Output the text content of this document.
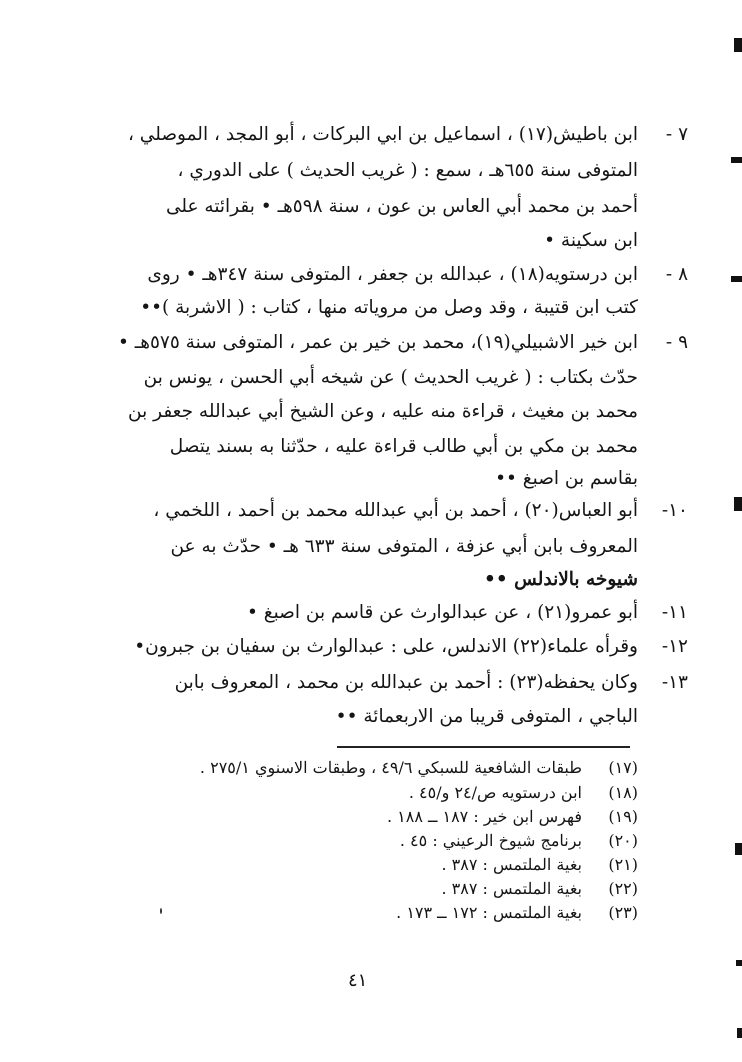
٧ -
ابن باطيش(١٧) ، اسماعيل بن ابي البركات ، أبو المجد ، الموصلي ،
المتوفى سنة ٦٥٥هـ ، سمع : ( غريب الحديث ) على الدوري ،
أحمد بن محمد أبي العاس بن عون ، سنة ٥٩٨هـ • بقرائته على
ابن سكينة •
٨ -
ابن درستويه(١٨) ، عبدالله بن جعفر ، المتوفى سنة ٣٤٧هـ • روى
كتب ابن قتيبة ، وقد وصل من مروياته منها ، كتاب : ( الاشربة )••
٩ -
ابن خير الاشبيلي(١٩)، محمد بن خير بن عمر ، المتوفى سنة ٥٧٥هـ •
حدّث بكتاب : ( غريب الحديث ) عن شيخه أبي الحسن ، يونس بن
محمد بن مغيث ، قراءة منه عليه ، وعن الشيخ أبي عبدالله جعفر بن
محمد بن مكي بن أبي طالب قراءة عليه ، حدّثنا به بسند يتصل
بقاسم بن اصبغ ••
١٠-
أبو العباس(٢٠) ، أحمد بن أبي عبدالله محمد بن أحمد ، اللخمي ،
المعروف بابن أبي عزفة ، المتوفى سنة ٦٣٣ هـ • حدّث به عن
شيوخه بالاندلس ••
١١-
أبو عمرو(٢١) ، عن عبدالوارث عن قاسم بن اصبغ •
١٢-
وقرأه علماء(٢٢) الاندلس، على : عبدالوارث بن سفيان بن جبرون•
١٣-
وكان يحفظه(٢٣) : أحمد بن عبدالله بن محمد ، المعروف بابن
الباجي ، المتوفى قريبا من الاربعمائة ••
(١٧)
طبقات الشافعية للسبكي ٤٩/٦ ، وطبقات الاسنوي ٢٧٥/١ .
(١٨)
ابن درستويه ص/٢٤ و/٤٥ .
(١٩)
فهرس ابن خير : ١٨٧ ــ ١٨٨ .
(٢٠)
برنامج شيوخ الرعيني : ٤٥ .
(٢١)
بغية الملتمس : ٣٨٧ .
(٢٢)
بغية الملتمس : ٣٨٧ .
(٢٣)
بغية الملتمس : ١٧٢ ــ ١٧٣ .
٤١
